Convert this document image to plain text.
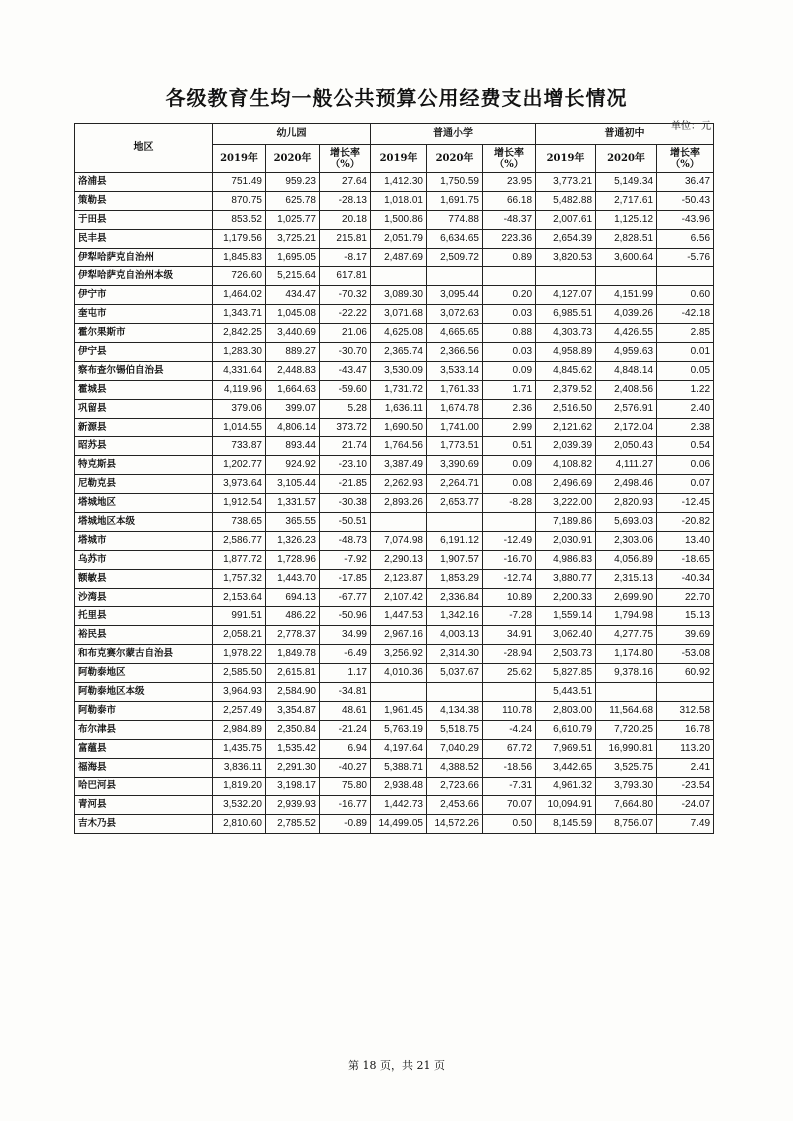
各级教育生均一般公共预算公用经费支出增长情况
单位：元
地区	幼儿园			普通小学			普通初中		
	2019年	2020年	增长率（%）	2019年	2020年	增长率（%）	2019年	2020年	增长率（%）
洛浦县	751.49	959.23	27.64	1,412.30	1,750.59	23.95	3,773.21	5,149.34	36.47
策勒县	870.75	625.78	-28.13	1,018.01	1,691.75	66.18	5,482.88	2,717.61	-50.43
于田县	853.52	1,025.77	20.18	1,500.86	774.88	-48.37	2,007.61	1,125.12	-43.96
民丰县	1,179.56	3,725.21	215.81	2,051.79	6,634.65	223.36	2,654.39	2,828.51	6.56
伊犁哈萨克自治州	1,845.83	1,695.05	-8.17	2,487.69	2,509.72	0.89	3,820.53	3,600.64	-5.76
伊犁哈萨克自治州本级	726.60	5,215.64	617.81						
伊宁市	1,464.02	434.47	-70.32	3,089.30	3,095.44	0.20	4,127.07	4,151.99	0.60
奎屯市	1,343.71	1,045.08	-22.22	3,071.68	3,072.63	0.03	6,985.51	4,039.26	-42.18
霍尔果斯市	2,842.25	3,440.69	21.06	4,625.08	4,665.65	0.88	4,303.73	4,426.55	2.85
伊宁县	1,283.30	889.27	-30.70	2,365.74	2,366.56	0.03	4,958.89	4,959.63	0.01
察布查尔锡伯自治县	4,331.64	2,448.83	-43.47	3,530.09	3,533.14	0.09	4,845.62	4,848.14	0.05
霍城县	4,119.96	1,664.63	-59.60	1,731.72	1,761.33	1.71	2,379.52	2,408.56	1.22
巩留县	379.06	399.07	5.28	1,636.11	1,674.78	2.36	2,516.50	2,576.91	2.40
新源县	1,014.55	4,806.14	373.72	1,690.50	1,741.00	2.99	2,121.62	2,172.04	2.38
昭苏县	733.87	893.44	21.74	1,764.56	1,773.51	0.51	2,039.39	2,050.43	0.54
特克斯县	1,202.77	924.92	-23.10	3,387.49	3,390.69	0.09	4,108.82	4,111.27	0.06
尼勒克县	3,973.64	3,105.44	-21.85	2,262.93	2,264.71	0.08	2,496.69	2,498.46	0.07
塔城地区	1,912.54	1,331.57	-30.38	2,893.26	2,653.77	-8.28	3,222.00	2,820.93	-12.45
塔城地区本级	738.65	365.55	-50.51				7,189.86	5,693.03	-20.82
塔城市	2,586.77	1,326.23	-48.73	7,074.98	6,191.12	-12.49	2,030.91	2,303.06	13.40
乌苏市	1,877.72	1,728.96	-7.92	2,290.13	1,907.57	-16.70	4,986.83	4,056.89	-18.65
额敏县	1,757.32	1,443.70	-17.85	2,123.87	1,853.29	-12.74	3,880.77	2,315.13	-40.34
沙湾县	2,153.64	694.13	-67.77	2,107.42	2,336.84	10.89	2,200.33	2,699.90	22.70
托里县	991.51	486.22	-50.96	1,447.53	1,342.16	-7.28	1,559.14	1,794.98	15.13
裕民县	2,058.21	2,778.37	34.99	2,967.16	4,003.13	34.91	3,062.40	4,277.75	39.69
和布克赛尔蒙古自治县	1,978.22	1,849.78	-6.49	3,256.92	2,314.30	-28.94	2,503.73	1,174.80	-53.08
阿勒泰地区	2,585.50	2,615.81	1.17	4,010.36	5,037.67	25.62	5,827.85	9,378.16	60.92
阿勒泰地区本级	3,964.93	2,584.90	-34.81				5,443.51		
阿勒泰市	2,257.49	3,354.87	48.61	1,961.45	4,134.38	110.78	2,803.00	11,564.68	312.58
布尔津县	2,984.89	2,350.84	-21.24	5,763.19	5,518.75	-4.24	6,610.79	7,720.25	16.78
富蕴县	1,435.75	1,535.42	6.94	4,197.64	7,040.29	67.72	7,969.51	16,990.81	113.20
福海县	3,836.11	2,291.30	-40.27	5,388.71	4,388.52	-18.56	3,442.65	3,525.75	2.41
哈巴河县	1,819.20	3,198.17	75.80	2,938.48	2,723.66	-7.31	4,961.32	3,793.30	-23.54
青河县	3,532.20	2,939.93	-16.77	1,442.73	2,453.66	70.07	10,094.91	7,664.80	-24.07
吉木乃县	2,810.60	2,785.52	-0.89	14,499.05	14,572.26	0.50	8,145.59	8,756.07	7.49
第 18 页，共 21 页
